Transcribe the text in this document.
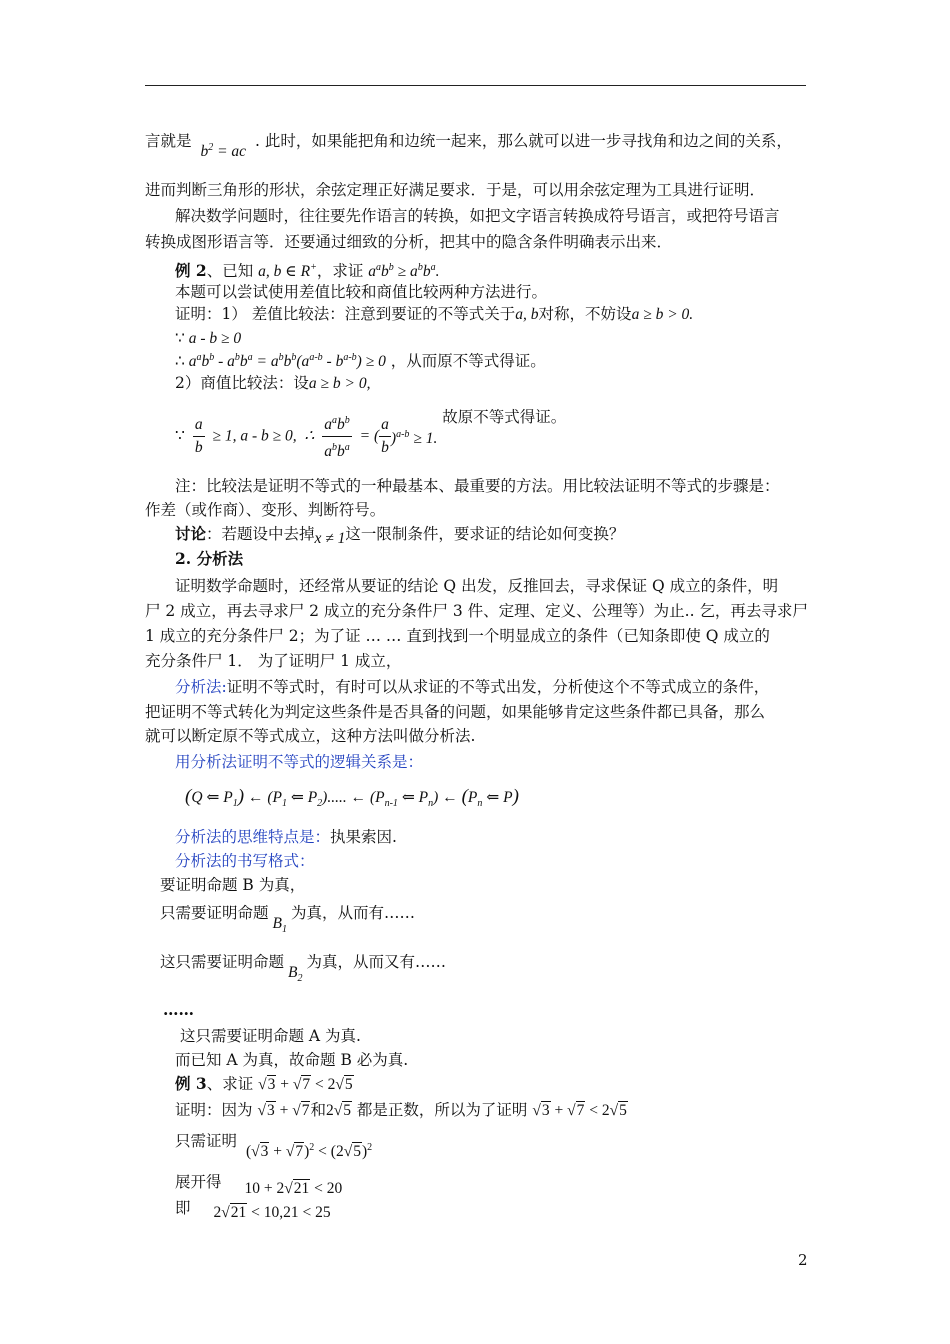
言就是 $b^2$ = ac . 此时，如果能把角和边统一起来，那么就可以进一步寻找角和边之间的关系，
进而判断三角形的形状，余弦定理正好满足要求．于是，可以用余弦定理为工具进行证明．
解决数学问题时，往往要先作语言的转换，如把文字语言转换成符号语言，或把符号语言
转换成图形语言等．还要通过细致的分析，把其中的隐含条件明确表示出来．
例 2、已知 a, b ∈ R+，求证 $a^ab^b \ge a^bb^a$.
本题可以尝试使用差值比较和商值比较两种方法进行。
证明：1） 差值比较法：注意到要证的不等式关于a, b对称，不妨设a ≥ b > 0.
∵ a - b ≥ 0
∴ $a^ab^b - a^bb^a = a^bb^b(a^{a-b} - b^{a-b}) \ge 0$ ，从而原不等式得证。
2）商值比较法：设a ≥ b > 0,
∵ $\frac{a}{b} \ge 1$, a - b ≥ 0,  ∴ $\frac{a^ab^b}{a^bb^a}$ = ( $\frac{a}{b} )^{a-b} \ge 1$. 故原不等式得证。
注：比较法是证明不等式的一种最基本、最重要的方法。用比较法证明不等式的步骤是：
作差（或作商）、变形、判断符号。
讨论：若题设中去掉x ≠ 1这一限制条件，要求证的结论如何变换？
2. 分析法
证明数学命题时，还经常从要证的结论 Q 出发，反推回去，寻求保证 Q 成立的条件，明
尸 2 成立，再去寻求尸 2 成立的充分条件尸 3 件、定理、定义、公理等）为止.. 乞，再去寻求尸
1 成立的充分条件尸 2；为了证 … … 直到找到一个明显成立的条件（已知条即使 Q 成立的
充分条件尸 1． 为了证明尸 1 成立，
分析法:证明不等式时，有时可以从求证的不等式出发，分析使这个不等式成立的条件，
把证明不等式转化为判定这些条件是否具备的问题，如果能够肯定这些条件都已具备，那么
就可以断定原不等式成立，这种方法叫做分析法.
用分析法证明不等式的逻辑关系是：
(Q ⇐ $P_1$) ← ($P_1$ ⇐ $P_2$)..... ← ($P_{n-1}$ ⇐ $P_n$) ← ($P_n$ ⇐ P)
分析法的思维特点是：执果索因.
分析法的书写格式：
要证明命题 B 为真，
只需要证明命题$B_1$为真，从而有……
这只需要证明命题$B_2$为真，从而又有……
……
这只需要证明命题 A 为真.
而已知 A 为真，故命题 B 必为真.
例 3、求证 √3 + √7 < 2√5
证明：因为 √3 + √7和2√5 都是正数，所以为了证明 √3 + √7 < 2√5
只需证明 $(√3 + √7)^2 < (2√5)^2$
展开得 10 + 2√21 < 20
即 2√21 < 10,21 < 25
2
